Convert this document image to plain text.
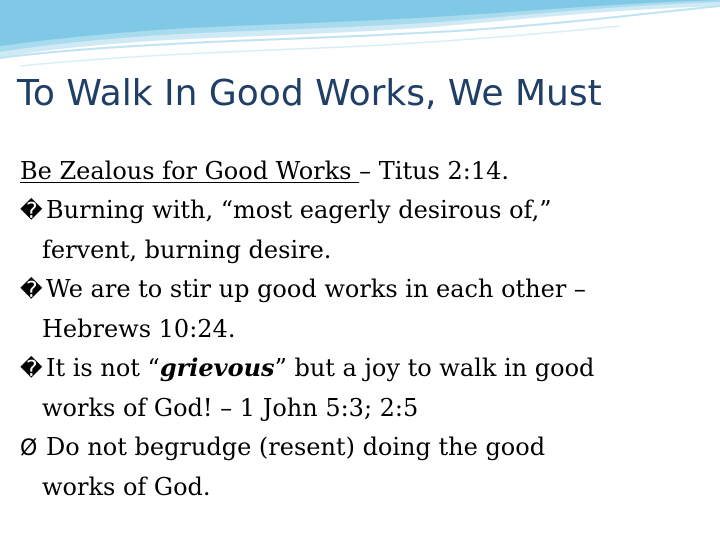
To Walk In Good Works, We Must
Be Zealous for Good Works – Titus 2:14.
� Burning with, “most eagerly desirous of,”
fervent, burning desire.
� We are to stir up good works in each other –
Hebrews 10:24.
� It is not “grievous” but a joy to walk in good
works of God! – 1 John 5:3; 2:5
Ø Do not begrudge (resent) doing the good
works of God.
